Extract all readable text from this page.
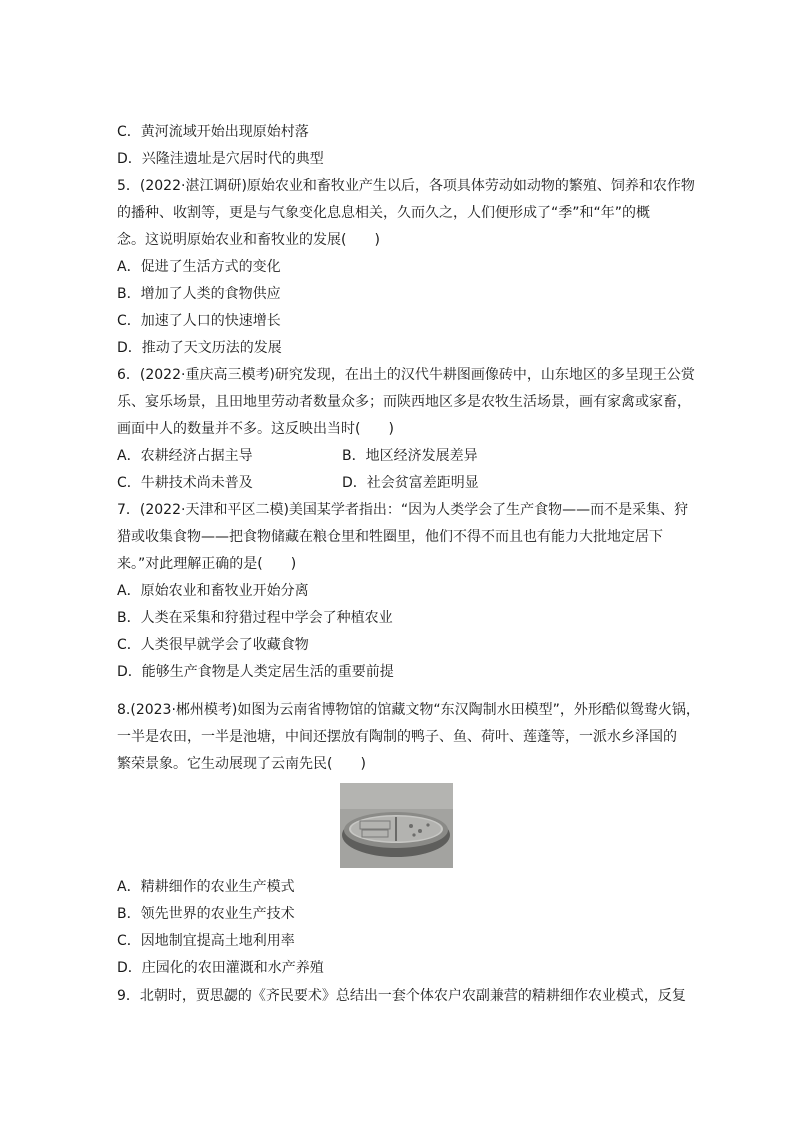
C．黄河流域开始出现原始村落
D．兴隆洼遗址是穴居时代的典型
5．(2022·湛江调研)原始农业和畜牧业产生以后，各项具体劳动如动物的繁殖、饲养和农作物
的播种、收割等，更是与气象变化息息相关，久而久之，人们便形成了“季”和“年”的概
念。这说明原始农业和畜牧业的发展(　　)
A．促进了生活方式的变化
B．增加了人类的食物供应
C．加速了人口的快速增长
D．推动了天文历法的发展
6．(2022·重庆高三模考)研究发现，在出土的汉代牛耕图画像砖中，山东地区的多呈现王公赏
乐、宴乐场景，且田地里劳动者数量众多；而陕西地区多是农牧生活场景，画有家禽或家畜，
画面中人的数量并不多。这反映出当时(　　)
A．农耕经济占据主导	B．地区经济发展差异
C．牛耕技术尚未普及	D．社会贫富差距明显
7．(2022·天津和平区二模)美国某学者指出：“因为人类学会了生产食物——而不是采集、狩
猎或收集食物——把食物储藏在粮仓里和牲圈里，他们不得不而且也有能力大批地定居下
来。”对此理解正确的是(　　)
A．原始农业和畜牧业开始分离
B．人类在采集和狩猎过程中学会了种植农业
C．人类很早就学会了收藏食物
D．能够生产食物是人类定居生活的重要前提
8.(2023·郴州模考)如图为云南省博物馆的馆藏文物“东汉陶制水田模型”，外形酷似鸳鸯火锅，
一半是农田，一半是池塘，中间还摆放有陶制的鸭子、鱼、荷叶、莲蓬等，一派水乡泽国的
繁荣景象。它生动展现了云南先民(　　)
A．精耕细作的农业生产模式
B．领先世界的农业生产技术
C．因地制宜提高土地利用率
D．庄园化的农田灌溉和水产养殖
9．北朝时，贾思勰的《齐民要术》总结出一套个体农户农副兼营的精耕细作农业模式，反复
